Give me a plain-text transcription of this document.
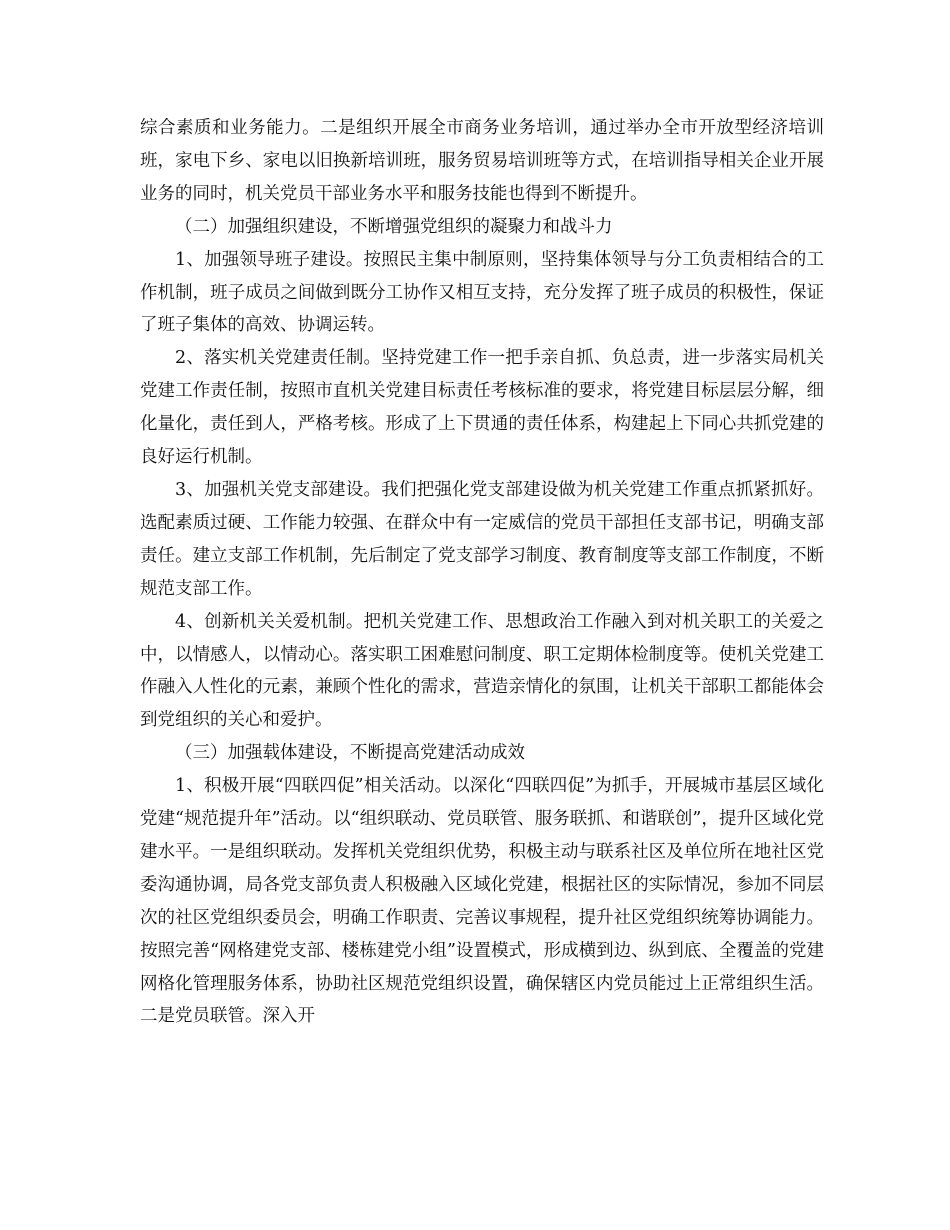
综合素质和业务能力。二是组织开展全市商务业务培训，通过举办全市开放型经济培训班，家电下乡、家电以旧换新培训班，服务贸易培训班等方式，在培训指导相关企业开展业务的同时，机关党员干部业务水平和服务技能也得到不断提升。

（二）加强组织建设，不断增强党组织的凝聚力和战斗力

1、加强领导班子建设。按照民主集中制原则，坚持集体领导与分工负责相结合的工作机制，班子成员之间做到既分工协作又相互支持，充分发挥了班子成员的积极性，保证了班子集体的高效、协调运转。

2、落实机关党建责任制。坚持党建工作一把手亲自抓、负总责，进一步落实局机关党建工作责任制，按照市直机关党建目标责任考核标准的要求，将党建目标层层分解，细化量化，责任到人，严格考核。形成了上下贯通的责任体系，构建起上下同心共抓党建的良好运行机制。

3、加强机关党支部建设。我们把强化党支部建设做为机关党建工作重点抓紧抓好。选配素质过硬、工作能力较强、在群众中有一定威信的党员干部担任支部书记，明确支部责任。建立支部工作机制，先后制定了党支部学习制度、教育制度等支部工作制度，不断规范支部工作。

4、创新机关关爱机制。把机关党建工作、思想政治工作融入到对机关职工的关爱之中，以情感人，以情动心。落实职工困难慰问制度、职工定期体检制度等。使机关党建工作融入人性化的元素，兼顾个性化的需求，营造亲情化的氛围，让机关干部职工都能体会到党组织的关心和爱护。

（三）加强载体建设，不断提高党建活动成效

1、积极开展“四联四促”相关活动。以深化“四联四促”为抓手，开展城市基层区域化党建“规范提升年”活动。以“组织联动、党员联管、服务联抓、和谐联创”，提升区域化党建水平。一是组织联动。发挥机关党组织优势，积极主动与联系社区及单位所在地社区党委沟通协调，局各党支部负责人积极融入区域化党建，根据社区的实际情况，参加不同层次的社区党组织委员会，明确工作职责、完善议事规程，提升社区党组织统筹协调能力。按照完善“网格建党支部、楼栋建党小组”设置模式，形成横到边、纵到底、全覆盖的党建网格化管理服务体系，协助社区规范党组织设置，确保辖区内党员能过上正常组织生活。二是党员联管。深入开
